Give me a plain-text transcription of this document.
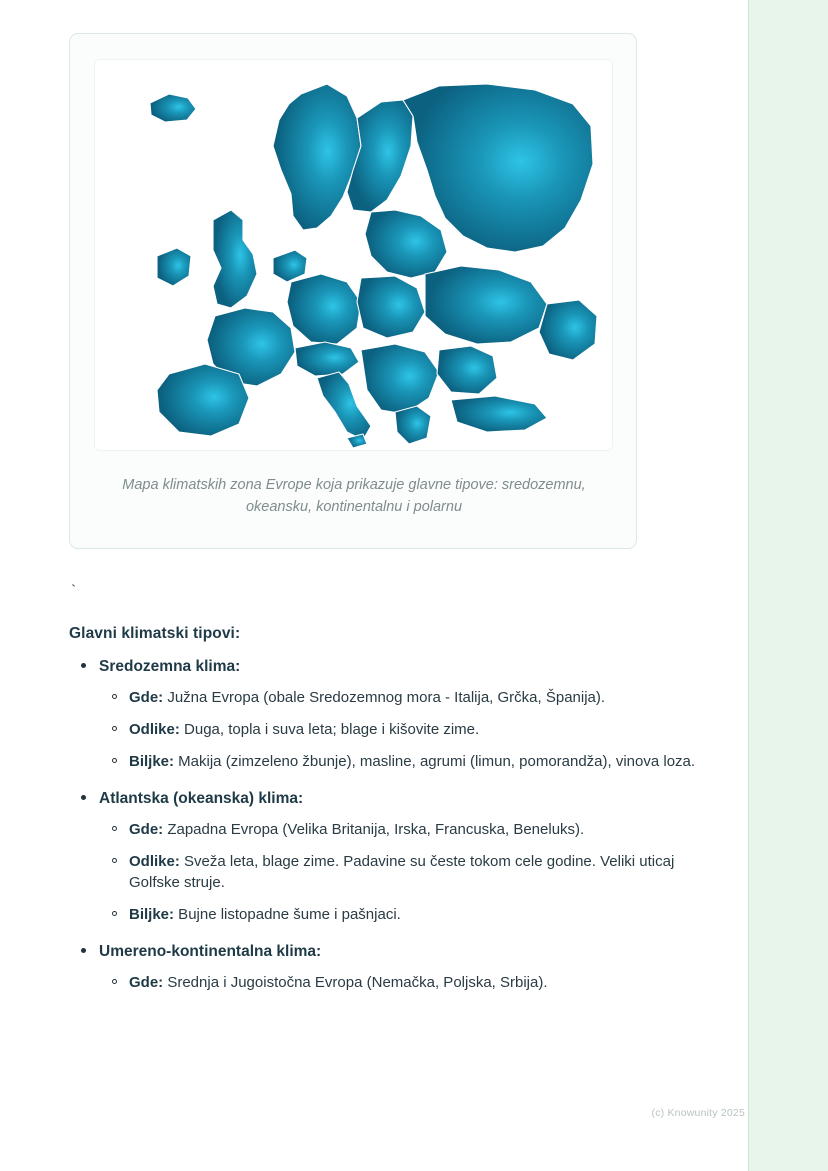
Mapa klimatskih zona Evrope koja prikazuje glavne tipove: sredozemnu, okeansku, kontinentalnu i polarnu
`
Glavni klimatski tipovi:
Sredozemna klima:
Gde: Južna Evropa (obale Sredozemnog mora - Italija, Grčka, Španija).
Odlike: Duga, topla i suva leta; blage i kišovite zime.
Biljke: Makija (zimzeleno žbunje), masline, agrumi (limun, pomorandža), vinova loza.
Atlantska (okeanska) klima:
Gde: Zapadna Evropa (Velika Britanija, Irska, Francuska, Beneluks).
Odlike: Sveža leta, blage zime. Padavine su česte tokom cele godine. Veliki uticaj Golfske struje.
Biljke: Bujne listopadne šume i pašnjaci.
Umereno-kontinentalna klima:
Gde: Srednja i Jugoistočna Evropa (Nemačka, Poljska, Srbija).
(c) Knowunity 2025
